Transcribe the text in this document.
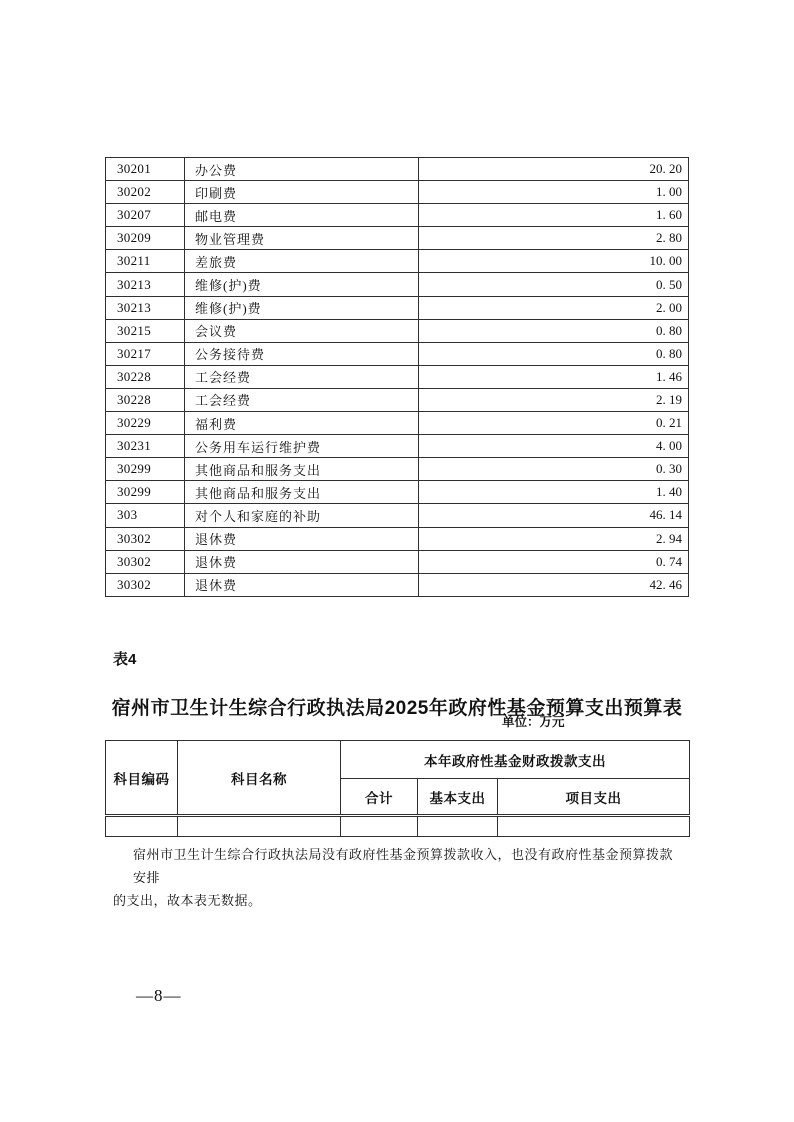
30201	办公费	20. 20
30202	印刷费	1. 00
30207	邮电费	1. 60
30209	物业管理费	2. 80
30211	差旅费	10. 00
30213	维修(护)费	0. 50
30213	维修(护)费	2. 00
30215	会议费	0. 80
30217	公务接待费	0. 80
30228	工会经费	1. 46
30228	工会经费	2. 19
30229	福利费	0. 21
30231	公务用车运行维护费	4. 00
30299	其他商品和服务支出	0. 30
30299	其他商品和服务支出	1. 40
303	对个人和家庭的补助	46. 14
30302	退休费	2. 94
30302	退休费	0. 74
30302	退休费	42. 46
表4
宿州市卫生计生综合行政执法局2025年政府性基金预算支出预算表
单位：万元
科目编码	科目名称	本年政府性基金财政拨款支出		
		合计	基本支出	项目支出

宿州市卫生计生综合行政执法局没有政府性基金预算拨款收入，也没有政府性基金预算拨款安排
的支出，故本表无数据。
—8—
